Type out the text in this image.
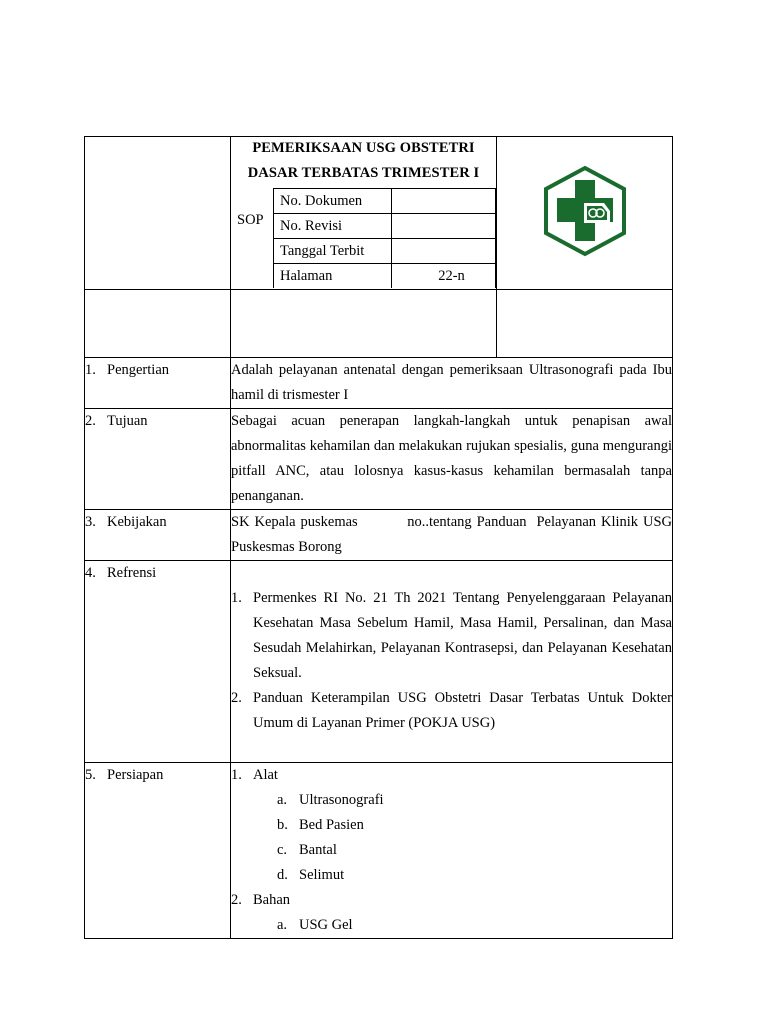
PEMERIKSAAN USG OBSTETRI
DASAR TERBATAS TRIMESTER I
SOP
No. Dokumen	
No. Revisi	
Tanggal Terbit	
Halaman	22-n

1. Pengertian	Adalah pelayanan antenatal dengan pemeriksaan Ultrasonografi pada Ibu hamil di trismester I
2. Tujuan	Sebagai acuan penerapan langkah-langkah untuk penapisan awal abnormalitas kehamilan dan melakukan rujukan spesialis, guna mengurangi pitfall ANC, atau lolosnya kasus-kasus kehamilan bermasalah tanpa penanganan.
3. Kebijakan	SK Kepala puskemas          no..tentang Panduan  Pelayanan Klinik USG Puskesmas Borong
4. Refrensi	
1. Permenkes RI No. 21 Th 2021 Tentang Penyelenggaraan Pelayanan Kesehatan Masa Sebelum Hamil, Masa Hamil, Persalinan, dan Masa Sesudah Melahirkan, Pelayanan Kontrasepsi, dan Pelayanan Kesehatan Seksual.
2. Panduan Keterampilan USG Obstetri Dasar Terbatas Untuk Dokter Umum di Layanan Primer (POKJA USG)

5. Persiapan	1. Alat
a. Ultrasonografi
b. Bed Pasien
c. Bantal
d. Selimut
2. Bahan
a. USG Gel
